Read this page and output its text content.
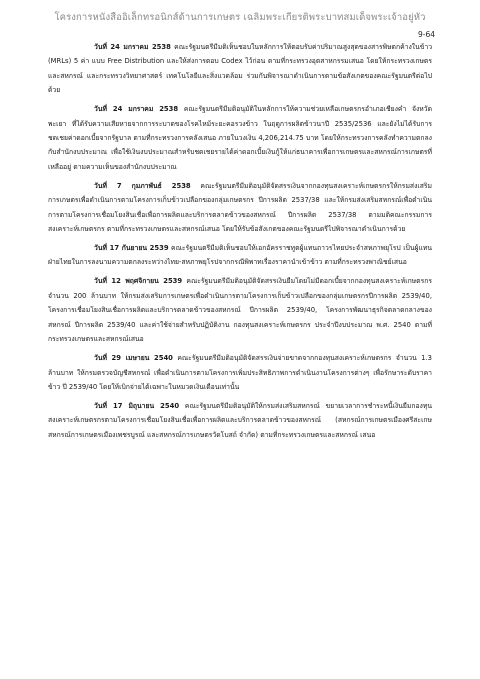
โครงการหนังสืออิเล็กทรอนิกส์ด้านการเกษตร เฉลิมพระเกียรติพระบาทสมเด็จพระเจ้าอยู่หัว
9-64

วันที่ 24 มกราคม 2538 คณะรัฐมนตรีมีมติเห็นชอบในหลักการให้ตอบรับค่าปริมาณสูงสุดของสารพิษตกค้างในข้าว (MRLs) 5 ค่า แบบ Free Distribution และให้ส่งการตอบ Codex ไว้ก่อน ตามที่กระทรวงอุตสาหกรรมเสนอ โดยให้กระทรวงเกษตรและสหกรณ์ และกระทรวงวิทยาศาสตร์ เทคโนโลยีและสิ่งแวดล้อม ร่วมกันพิจารณาดำเนินการตามข้อสังเกตของคณะรัฐมนตรีต่อไปด้วย

วันที่ 24 มกราคม 2538 คณะรัฐมนตรีมีมติอนุมัติในหลักการให้ความช่วยเหลือเกษตรกรอำเภอเชียงคำ จังหวัดพะเยา ที่ได้รับความเสียหายจากการระบาดของโรคไหม้ระยะคอรวงข้าว ในฤดูการผลิตข้าวนาปี 2535/2536 และยังไม่ได้รับการชดเชยค่าดอกเบี้ยจากรัฐบาล ตามที่กระทรวงการคลังเสนอ ภายในวงเงิน 4,206,214.75 บาท โดยให้กระทรวงการคลังทำความตกลงกับสำนักงบประมาณ เพื่อใช้เงินงบประมาณสำหรับชดเชยรายได้ค่าดอกเบี้ยเงินกู้ให้แก่ธนาคารเพื่อการเกษตรและสหกรณ์การเกษตรที่เหลืออยู่ ตามความเห็นของสำนักงบประมาณ

วันที่ 7 กุมภาพันธ์ 2538 คณะรัฐมนตรีมีมติอนุมัติจัดสรรเงินจากกองทุนสงเคราะห์เกษตรกรให้กรมส่งเสริมการเกษตรเพื่อดำเนินการตามโครงการเก็บข้าวเปลือกของกลุ่มเกษตรกร ปีการผลิต 2537/38 และให้กรมส่งเสริมสหกรณ์เพื่อดำเนินการตามโครงการเชื่อมโยงสินเชื่อเพื่อการผลิตและบริการตลาดข้าวของสหกรณ์ ปีการผลิต 2537/38 ตามมติคณะกรรมการสงเคราะห์เกษตรกร ตามที่กระทรวงเกษตรและสหกรณ์เสนอ โดยให้รับข้อสังเกตของคณะรัฐมนตรีไปพิจารณาดำเนินการด้วย

วันที่ 17 กันยายน 2539 คณะรัฐมนตรีมีมติเห็นชอบให้เอกอัครราชทูตผู้แทนถาวรไทยประจำสหภาพยุโรป เป็นผู้แทนฝ่ายไทยในการลงนามความตกลงระหว่างไทย-สหภาพยุโรปจากกรณีพิพาทเรื่องราคานำเข้าข้าว ตามที่กระทรวงพาณิชย์เสนอ

วันที่ 12 พฤศจิกายน 2539 คณะรัฐมนตรีมีมติอนุมัติจัดสรรเงินยืมโดยไม่มีดอกเบี้ยจากกองทุนสงเคราะห์เกษตรกร จำนวน 200 ล้านบาท ให้กรมส่งเสริมการเกษตรเพื่อดำเนินการตามโครงการเก็บข้าวเปลือกของกลุ่มเกษตรกรปีการผลิต 2539/40, โครงการเชื่อมโยงสินเชื่อการผลิตและบริการตลาดข้าวของสหกรณ์ ปีการผลิต 2539/40, โครงการพัฒนาธุรกิจตลาดกลางของสหกรณ์ ปีการผลิต 2539/40 และค่าใช้จ่ายสำหรับปฏิบัติงาน กองทุนสงเคราะห์เกษตรกร ประจำปีงบประมาณ พ.ศ. 2540 ตามที่กระทรวงเกษตรและสหกรณ์เสนอ

วันที่ 29 เมษายน 2540 คณะรัฐมนตรีมีมติอนุมัติจัดสรรเงินจ่ายขาดจากกองทุนสงเคราะห์เกษตรกร จำนวน 1.3 ล้านบาท ให้กรมตรวจบัญชีสหกรณ์ เพื่อดำเนินการตามโครงการเพิ่มประสิทธิภาพการดำเนินงานโครงการต่างๆ เพื่อรักษาระดับราคาข้าว ปี 2539/40 โดยให้เบิกจ่ายได้เฉพาะในหมวดเงินเดือนเท่านั้น

วันที่ 17 มิถุนายน 2540 คณะรัฐมนตรีมีมติอนุมัติให้กรมส่งเสริมสหกรณ์ ขยายเวลาการชำระหนี้เงินยืมกองทุนสงเคราะห์เกษตรกรตามโครงการเชื่อมโยงสินเชื่อเพื่อการผลิตและบริการตลาดข้าวของสหกรณ์ (สหกรณ์การเกษตรเมืองศรีสะเกษ สหกรณ์การเกษตรเมืองเพชรบูรณ์ และสหกรณ์การเกษตรวัดโบสถ์ จำกัด) ตามที่กระทรวงเกษตรและสหกรณ์ เสนอ
